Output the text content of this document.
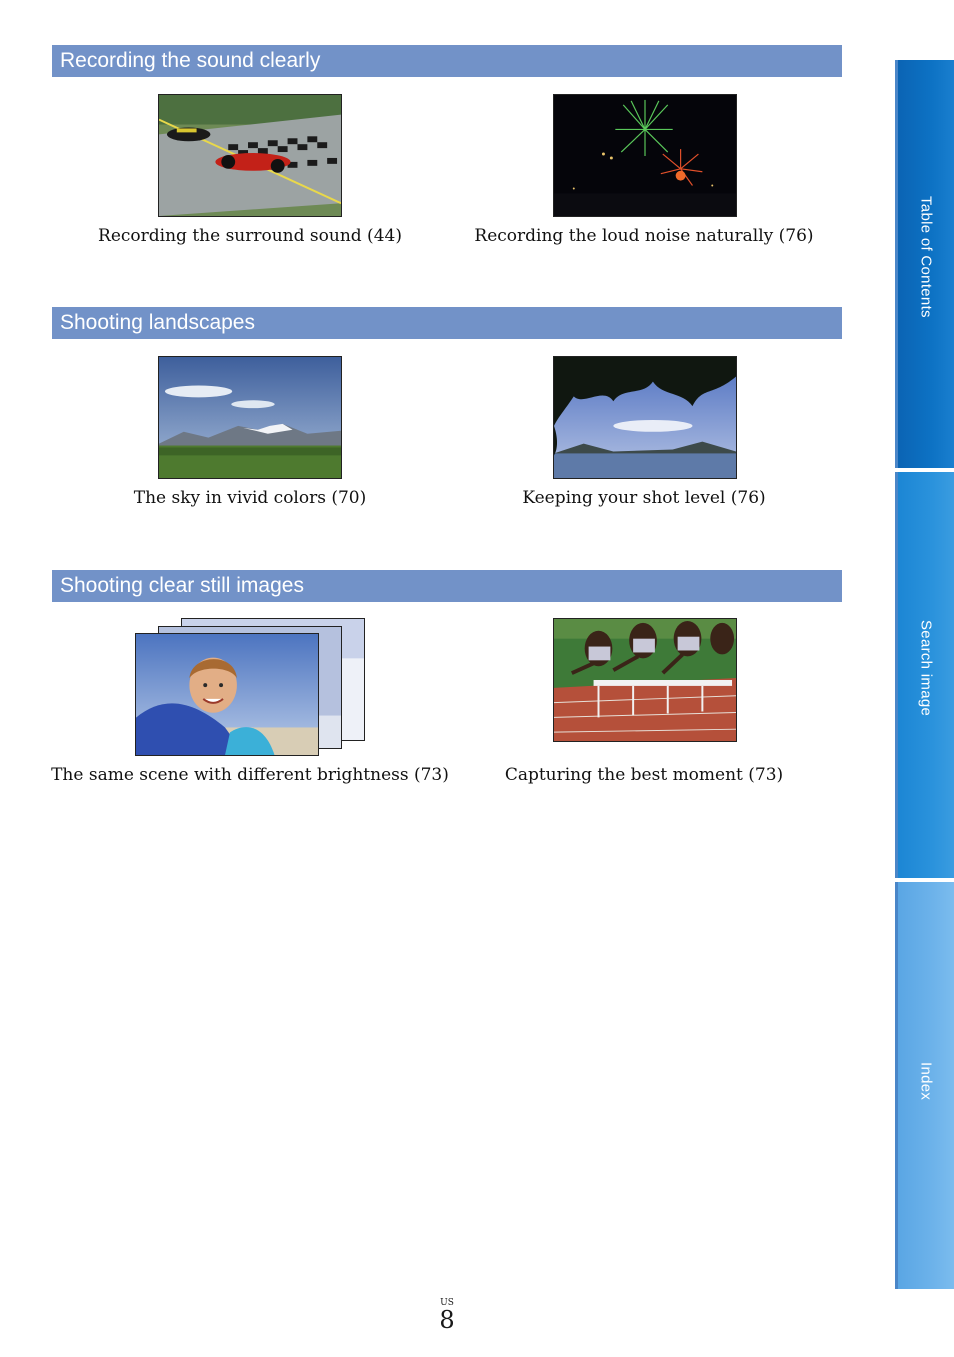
Recording the sound clearly
Recording the surround sound (44)	Recording the loud noise naturally (76)
Shooting landscapes
The sky in vivid colors (70)	Keeping your shot level (76)
Shooting clear still images
The same scene with different brightness (73)	Capturing the best moment (73)
Table of Contents
Search image
Index
US
8
